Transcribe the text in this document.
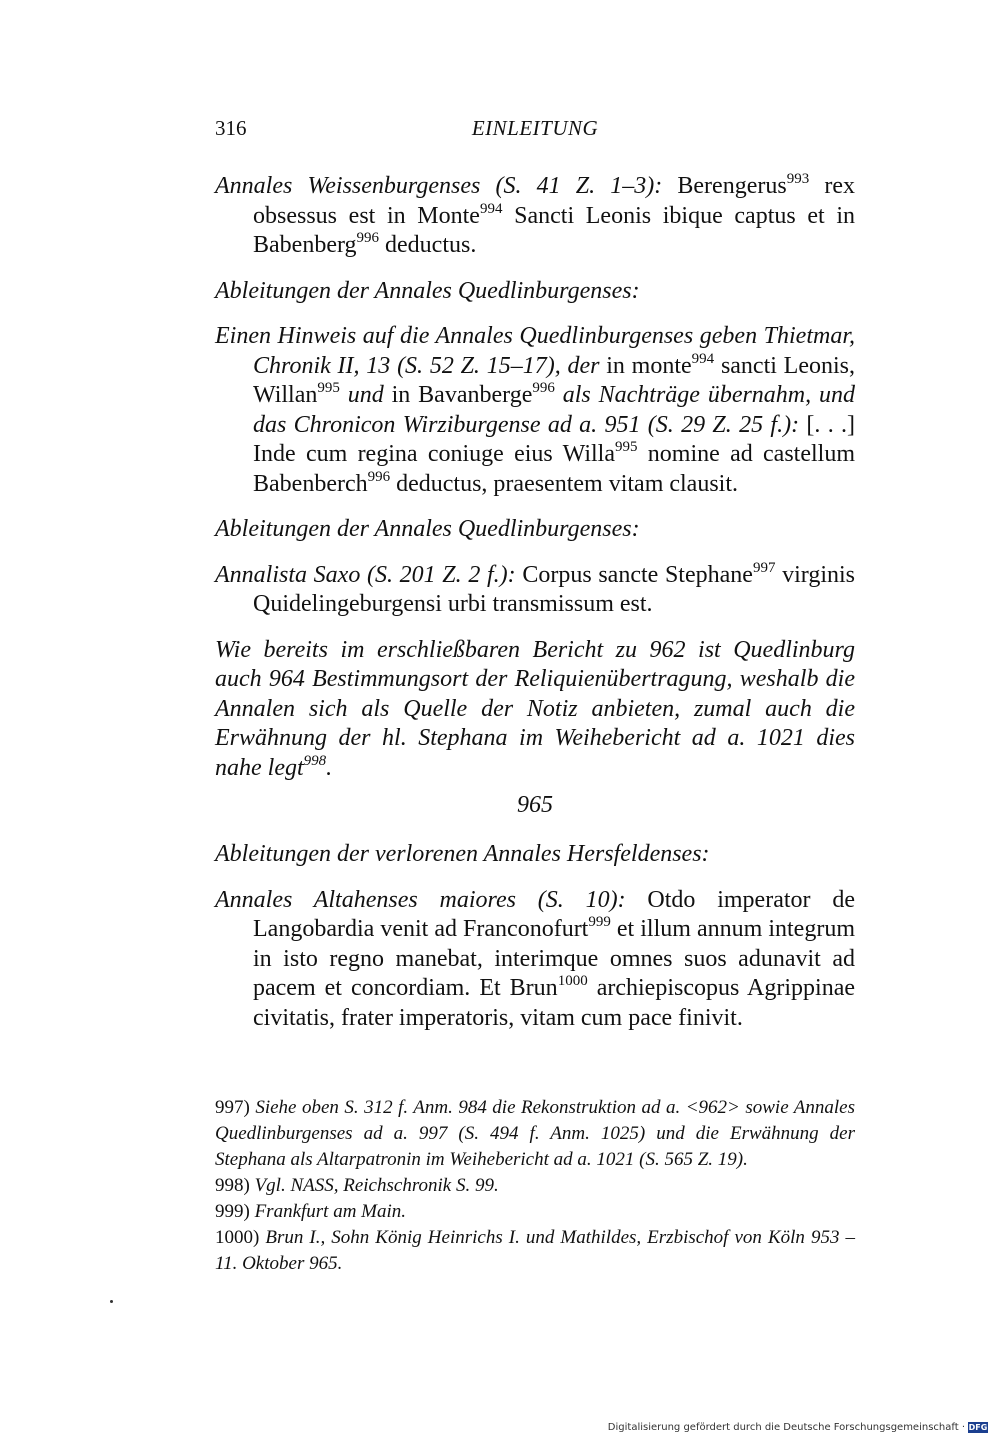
316	EINLEITUNG

Annales Weissenburgenses (S. 41 Z. 1–3): Berengerus$^{993}$ rex obsessus est in Monte$^{994}$ Sancti Leonis ibique captus et in Babenberg$^{996}$ deductus.

Ableitungen der Annales Quedlinburgenses:

Einen Hinweis auf die Annales Quedlinburgenses geben Thietmar, Chronik II, 13 (S. 52 Z. 15–17), der in monte$^{994}$ sancti Leonis, Willan$^{995}$ und in Bavanberge$^{996}$ als Nachträge übernahm, und das Chronicon Wirziburgense ad a. 951 (S. 29 Z. 25 f.): [. . .] Inde cum regina coniuge eius Willa$^{995}$ nomine ad castellum Babenberch$^{996}$ deductus, praesentem vitam clausit.

Ableitungen der Annales Quedlinburgenses:

Annalista Saxo (S. 201 Z. 2 f.): Corpus sancte Stephane$^{997}$ virginis Quidelingeburgensi urbi transmissum est.

Wie bereits im erschließbaren Bericht zu 962 ist Quedlinburg auch 964 Bestimmungsort der Reliquienübertragung, weshalb die Annalen sich als Quelle der Notiz anbieten, zumal auch die Erwähnung der hl. Stephana im Weihebericht ad a. 1021 dies nahe legt$^{998}$.

965

Ableitungen der verlorenen Annales Hersfeldenses:

Annales Altahenses maiores (S. 10): Otdo imperator de Langobardia venit ad Franconofurt$^{999}$ et illum annum integrum in isto regno manebat, interimque omnes suos adunavit ad pacem et concordiam. Et Brun$^{1000}$ archiepiscopus Agrippinae civitatis, frater imperatoris, vitam cum pace finivit.

997) Siehe oben S. 312 f. Anm. 984 die Rekonstruktion ad a. <962> sowie Annales Quedlinburgenses ad a. 997 (S. 494 f. Anm. 1025) und die Erwähnung der Stephana als Altarpatronin im Weihebericht ad a. 1021 (S. 565 Z. 19).

998) Vgl. NASS, Reichschronik S. 99.

999) Frankfurt am Main.

1000) Brun I., Sohn König Heinrichs I. und Mathildes, Erzbischof von Köln 953 – 11. Oktober 965.

Digitalisierung gefördert durch die Deutsche Forschungsgemeinschaft · DFG
